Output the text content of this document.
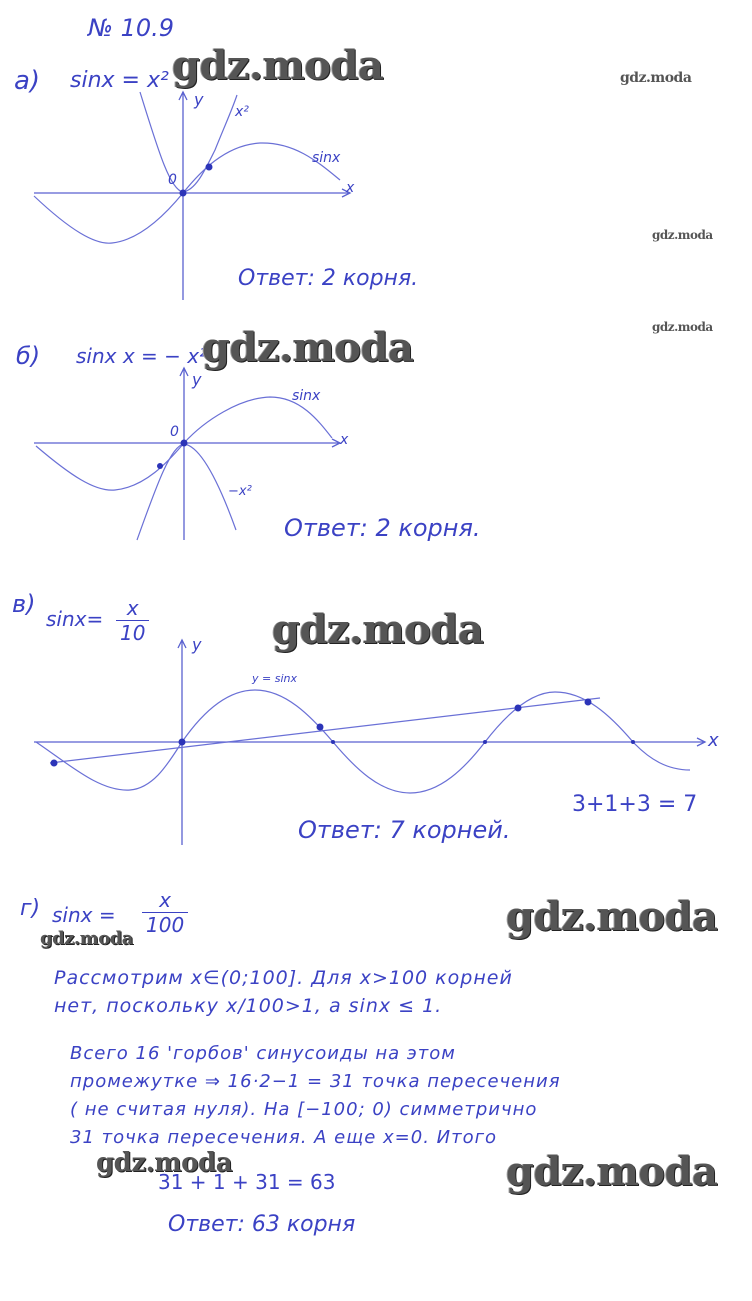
№ 10.9
а) sinx = x²
y
x
0
x²
sinx
Ответ: 2 корня.
б) sinx x = − x²
y
x
0
sinx
−x²
Ответ: 2 корня.
в)
$\sin x= \frac{x}{10}$	y
x
y = sinx
3+1+3 = 7
Ответ: 7 корней.
г) $\sin x = \frac{x}{100}$
Рассмотрим x∈(0;100]. Для x>100 корней
нет, поскольку x/100>1, а sinx ≤ 1.
Всего 16 'горбов' синусоиды на этом
промежутке ⇒ 16·2−1 = 31 точка пересечения
( не считая нуля). На [−100; 0) симметрично
31 точка пересечения. А еще x=0. Итого
31 + 1 + 31 = 63
Ответ: 63 корня
gdz.moda	gdz.moda
gdz.moda
gdz.moda
gdz.moda
gdz.moda
gdz.moda
gdz.moda
gdz.moda	gdz.moda
